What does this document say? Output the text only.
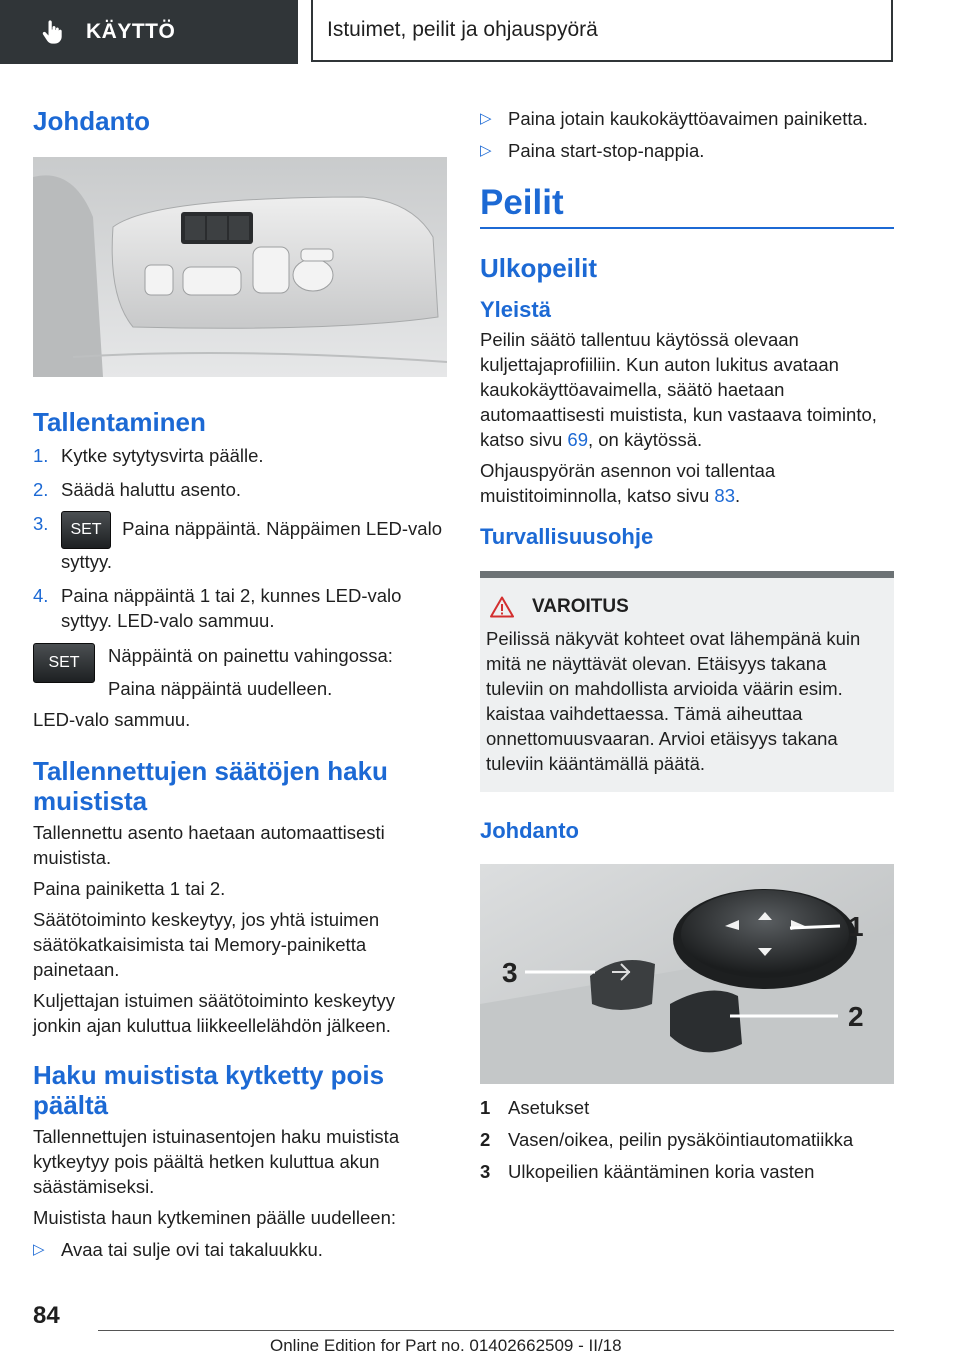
KÄYTTÖ	Istuimet, peilit ja ohjauspyörä
Johdanto
Tallentaminen
1. Kytke sytytysvirta päälle.
2. Säädä haluttu asento.
3.	SET Paina näppäintä. Näppäimen LED-valo syttyy.
4. Paina näppäintä 1 tai 2, kunnes LED-valo syttyy. LED-valo sammuu.
SET	Näppäintä on painettu vahingossa:

Paina näppäintä uudelleen.

LED-valo sammuu.

Tallennettujen säätöjen haku muistista

Tallennettu asento haetaan automaattisesti muistista.

Paina painiketta 1 tai 2.

Säätötoiminto keskeytyy, jos yhtä istuimen säätökatkaisimista tai Memory-painiketta painetaan.

Kuljettajan istuimen säätötoiminto keskeytyy jonkin ajan kuluttua liikkeellelähdön jälkeen.

Haku muistista kytketty pois päältä

Tallennettujen istuinasentojen haku muistista kytkeytyy pois päältä hetken kuluttua akun säästämiseksi.

Muistista haun kytkeminen päälle uudelleen:

▷ Avaa tai sulje ovi tai takaluukku.
▷ Paina jotain kaukokäyttöavaimen painiketta.
▷ Paina start-stop-nappia.
Peilit
Ulkopeilit
Yleistä

Peilin säätö tallentuu käytössä olevaan kuljettajaprofiiliin. Kun auton lukitus avataan kaukokäyttöavaimella, säätö haetaan automaattisesti muistista, kun vastaava toiminto, katso sivu 69, on käytössä.

Ohjauspyörän asennon voi tallentaa muistitoiminnolla, katso sivu 83.

Turvallisuusohje
VAROITUS

Peilissä näkyvät kohteet ovat lähempänä kuin mitä ne näyttävät olevan. Etäisyys takana tuleviin on mahdollista arvioida väärin esim. kaistaa vaihdettaessa. Tämä aiheuttaa onnettomuusvaaran. Arvioi etäisyys takana tuleviin kääntämällä päätä.

Johdanto
1
2
3
1 Asetukset
2 Vasen/oikea, peilin pysäköintiautomatiikka
3 Ulkopeilien kääntäminen koria vasten
84
Online Edition for Part no. 01402662509 - II/18
